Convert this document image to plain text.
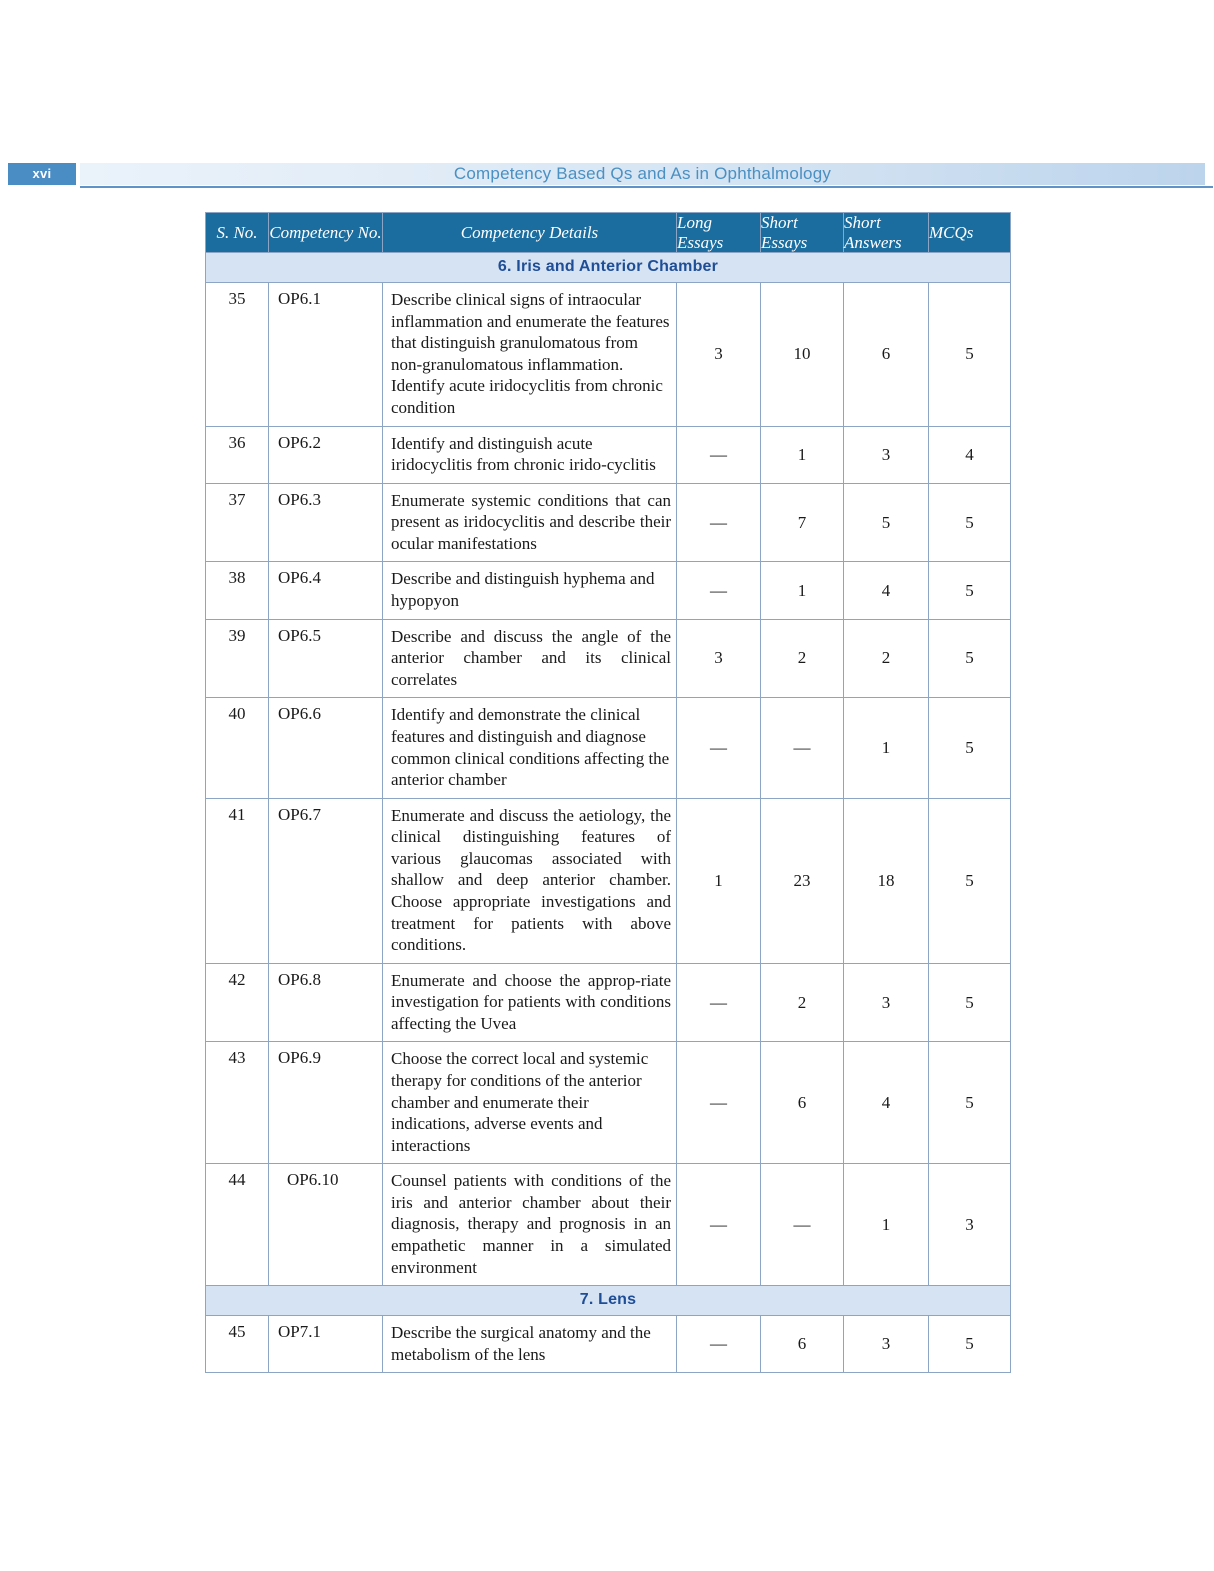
xvi	Competency Based Qs and As in Ophthalmology
S. No.	Competency No.	Competency Details	Long Essays	Short Essays	Short Answers	MCQs
6. Iris and Anterior Chamber						
35	OP6.1	Describe clinical signs of intraocular inflammation and enumerate the features that distinguish granulomatous from non-granulomatous inflammation. Identify acute iridocyclitis from chronic condition	3	10	6	5
36	OP6.2	Identify and distinguish acute iridocyclitis from chronic irido-cyclitis	—	1	3	4
37	OP6.3	Enumerate systemic conditions that can present as iridocyclitis and describe their ocular manifestations	—	7	5	5
38	OP6.4	Describe and distinguish hyphema and hypopyon	—	1	4	5
39	OP6.5	Describe and discuss the angle of the anterior chamber and its clinical correlates	3	2	2	5
40	OP6.6	Identify and demonstrate the clinical features and distinguish and diagnose common clinical conditions affecting the anterior chamber	—	—	1	5
41	OP6.7	Enumerate and discuss the aetiology, the clinical distinguishing features of various glaucomas associated with shallow and deep anterior chamber. Choose appropriate investigations and treatment for patients with above conditions.	1	23	18	5
42	OP6.8	Enumerate and choose the approp-riate investigation for patients with conditions affecting the Uvea	—	2	3	5
43	OP6.9	Choose the correct local and systemic therapy for conditions of the anterior chamber and enumerate their indications, adverse events and interactions	—	6	4	5
44	OP6.10	Counsel patients with conditions of the iris and anterior chamber about their diagnosis, therapy and prognosis in an empathetic manner in a simulated environment	—	—	1	3
7. Lens						
45	OP7.1	Describe the surgical anatomy and the metabolism of the lens	—	6	3	5
